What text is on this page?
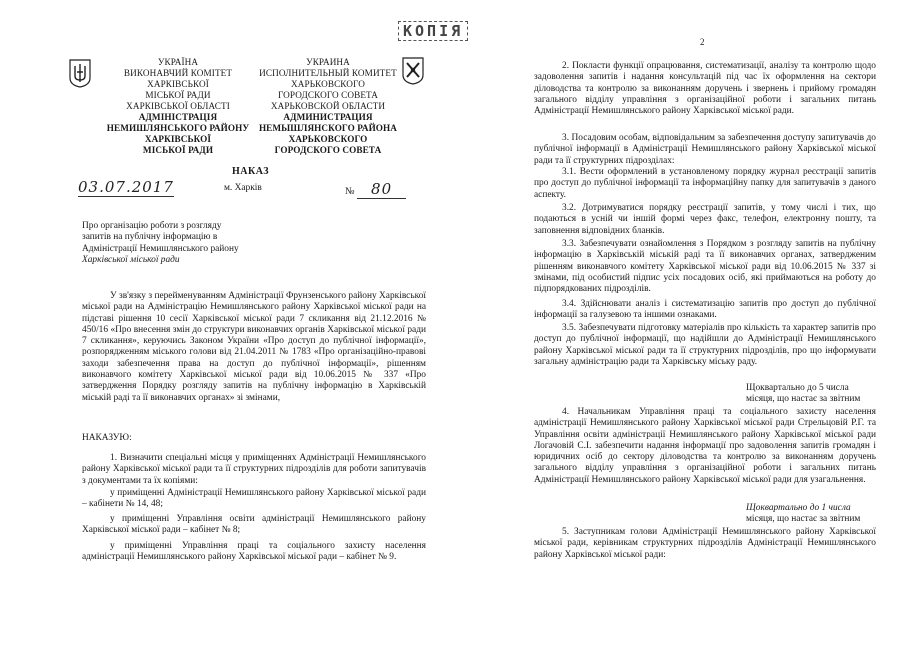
УКРАЇНА
ВИКОНАВЧИЙ КОМІТЕТ
ХАРКІВСЬКОЇ
МІСЬКОЇ РАДИ
ХАРКІВСЬКОЇ ОБЛАСТІ
АДМІНІСТРАЦІЯ
НЕМИШЛЯНСЬКОГО РАЙОНУ
ХАРКІВСЬКОЇ
МІСЬКОЇ РАДИ
УКРАИНА
ИСПОЛНИТЕЛЬНЫЙ КОМИТЕТ
ХАРЬКОВСКОГО
ГОРОДСКОГО СОВЕТА
ХАРЬКОВСКОЙ ОБЛАСТИ
АДМИНИСТРАЦИЯ
НЕМЫШЛЯНСКОГО РАЙОНА
ХАРЬКОВСКОГО
ГОРОДСКОГО СОВЕТА
НАКАЗ
03.07.2017	м. Харків	№ 80
Про організацію роботи з розгляду
запитів на публічну інформацію в
Адміністрації Немишлянського району
Харківської міської ради
У зв'язку з перейменуванням Адміністрації Фрунзенського району Харківської міської ради на Адміністрацію Немишлянського району Харківської міської ради на підставі рішення 10 сесії Харківської міської ради 7 скликання від 21.12.2016 № 450/16 «Про внесення змін до структури виконавчих органів Харківської міської ради 7 скликання», керуючись Законом України «Про доступ до публічної інформації», розпорядженням міського голови від 21.04.2011 № 1783 «Про організаційно-правові заходи забезпечення права на доступ до публічної інформації», рішенням виконавчого комітету Харківської міської ради від 10.06.2015 № 337 «Про затвердження Порядку розгляду запитів на публічну інформацію в Харківській міській раді та її виконавчих органах» зі змінами,
НАКАЗУЮ:
1. Визначити спеціальні місця у приміщеннях Адміністрації Немишлянського району Харківської міської ради та її структурних підрозділів для роботи запитувачів з документами та їх копіями:
у приміщенні Адміністрації Немишлянського району Харківської міської ради – кабінети № 14, 48;
у приміщенні Управління освіти адміністрації Немишлянського району Харківської міської ради – кабінет № 8;
у приміщенні Управління праці та соціального захисту населення адміністрації Немишлянського району Харківської міської ради – кабінет № 9.
КОПІЯ
2
2. Покласти функції опрацювання, систематизації, аналізу та контролю щодо задоволення запитів і надання консультацій під час їх оформлення на сектори діловодства та контролю за виконанням доручень і звернень і прийому громадян загального відділу управління з організаційної роботи і загальних питань Адміністрації Немишлянського району Харківської міської ради.
3. Посадовим особам, відповідальним за забезпечення доступу запитувачів до публічної інформації в Адміністрації Немишлянського району Харківської міської ради та її структурних підрозділах:
3.1. Вести оформлений в установленому порядку журнал реєстрації запитів про доступ до публічної інформації та інформаційну папку для запитувачів з даного аспекту.
3.2. Дотримуватися порядку реєстрації запитів, у тому числі і тих, що подаються в усній чи іншій формі через факс, телефон, електронну пошту, та заповнення відповідних бланків.
3.3. Забезпечувати ознайомлення з Порядком з розгляду запитів на публічну інформацію в Харківській міській раді та її виконавчих органах, затвердженим рішенням виконавчого комітету Харківської міської ради від 10.06.2015 № 337 зі змінами, під особистий підпис усіх посадових осіб, які приймаються на роботу до підпорядкованих підрозділів.
3.4. Здійснювати аналіз і систематизацію запитів про доступ до публічної інформації за галузевою та іншими ознаками.
3.5. Забезпечувати підготовку матеріалів про кількість та характер запитів про доступ до публічної інформації, що надійшли до Адміністрації Немишлянського району Харківської міської ради та її структурних підрозділів, про що інформувати загальну адміністрацію ради та Харківську міську раду.
Щоквартально до 5 числа
місяця, що настає за звітним
4. Начальникам Управління праці та соціального захисту населення адміністрації Немишлянського району Харківської міської ради Стрельцовій Р.Г. та Управління освіти адміністрації Немишлянського району Харківської міської ради Логачовій С.І. забезпечити надання інформації про задоволення запитів громадян і юридичних осіб до сектору діловодства та контролю за виконанням доручень загального відділу управління з організаційної роботи і загальних питань Адміністрації Немишлянського району Харківської міської ради для узагальнення.
Щоквартально до 1 числа
місяця, що настає за звітним
5. Заступникам голови Адміністрації Немишлянського району Харківської міської ради, керівникам структурних підрозділів Адміністрації Немишлянського району Харківської міської ради:
